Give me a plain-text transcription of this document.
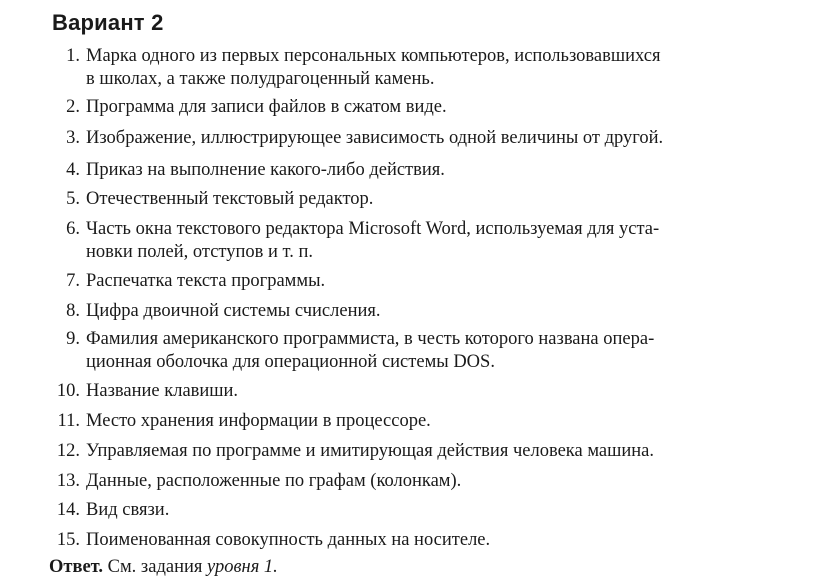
Вариант 2
1. Марка одного из первых персональных компьютеров, использовавшихся
в школах, а также полудрагоценный камень.
2. Программа для записи файлов в сжатом виде.
3. Изображение, иллюстрирующее зависимость одной величины от другой.
4. Приказ на выполнение какого-либо действия.
5. Отечественный текстовый редактор.
6. Часть окна текстового редактора Microsoft Word, используемая для уста-
новки полей, отступов и т. п.
7. Распечатка текста программы.
8. Цифра двоичной системы счисления.
9. Фамилия американского программиста, в честь которого названа опера-
ционная оболочка для операционной системы DOS.
10. Название клавиши.
11. Место хранения информации в процессоре.
12. Управляемая по программе и имитирующая действия человека машина.
13. Данные, расположенные по графам (колонкам).
14. Вид связи.
15. Поименованная совокупность данных на носителе.
Ответ. См. задания уровня 1.
